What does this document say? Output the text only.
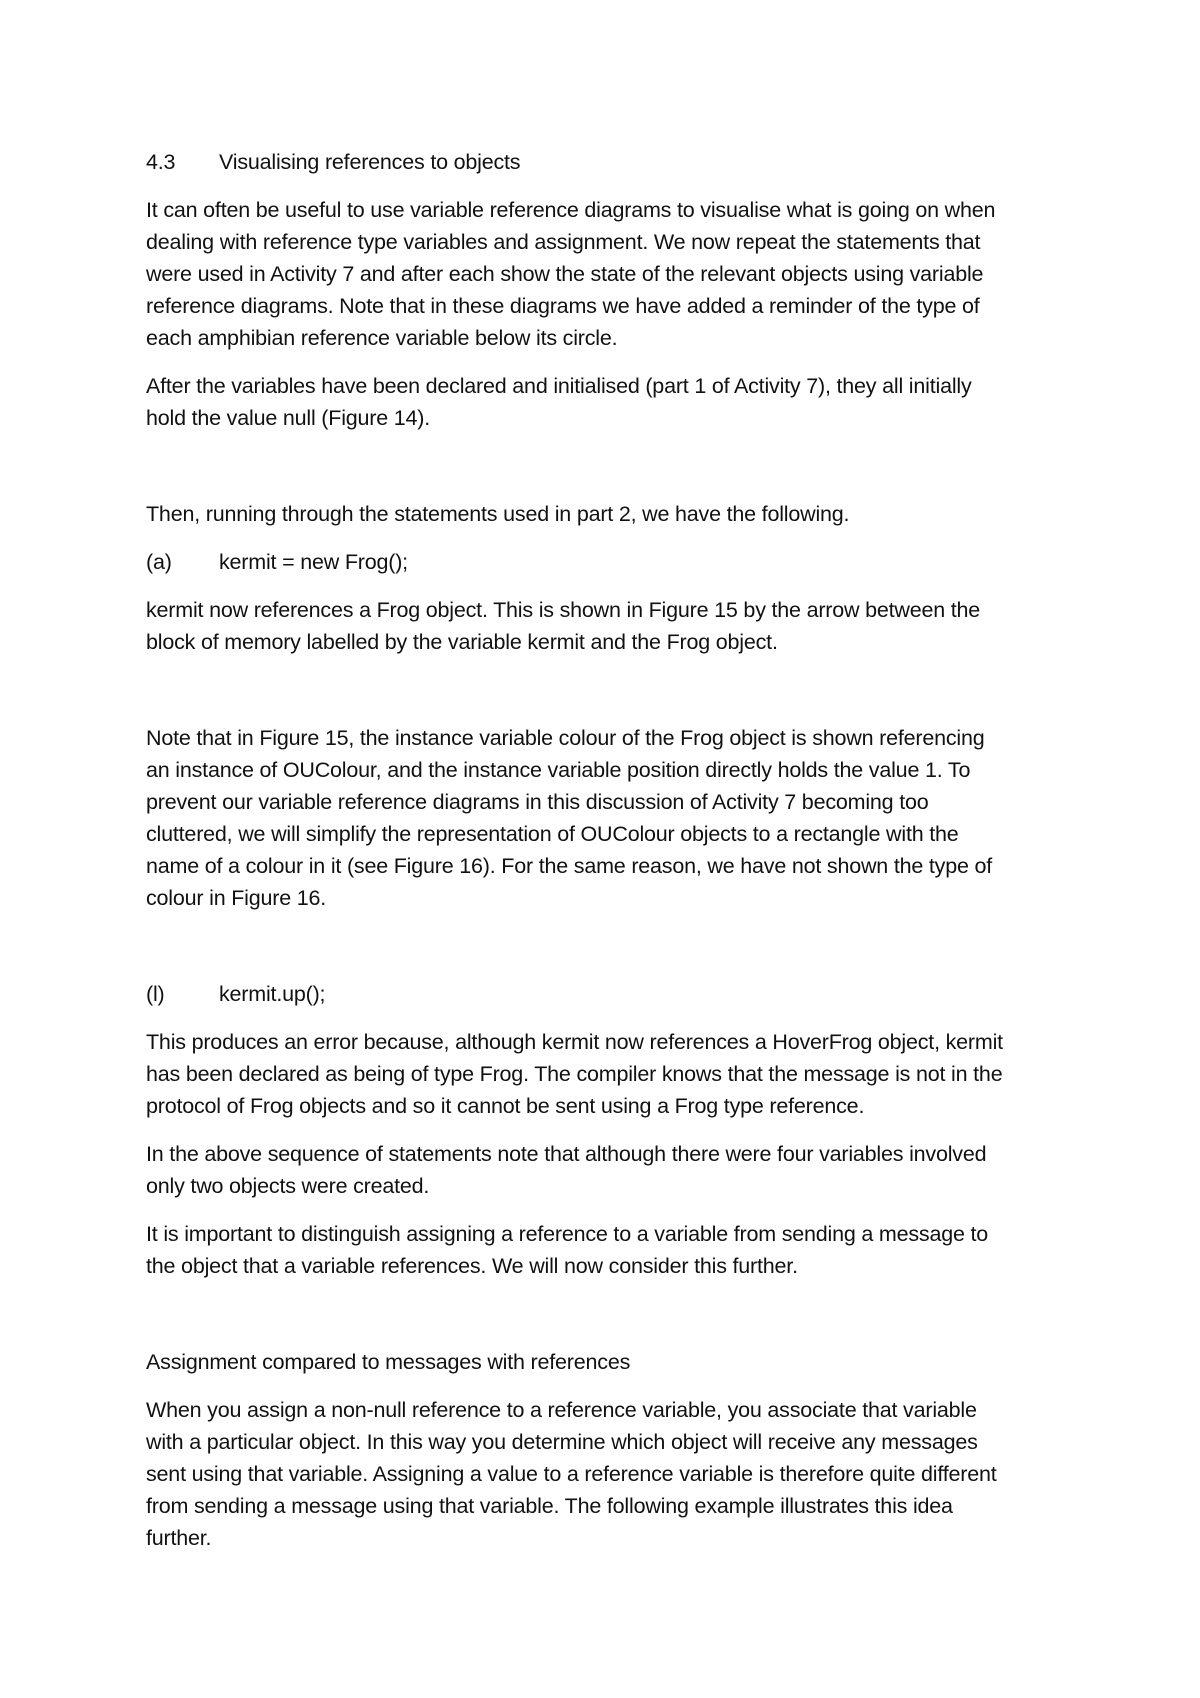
4.3 Visualising references to objects
It can often be useful to use variable reference diagrams to visualise what is going on when
dealing with reference type variables and assignment. We now repeat the statements that
were used in Activity 7 and after each show the state of the relevant objects using variable
reference diagrams. Note that in these diagrams we have added a reminder of the type of
each amphibian reference variable below its circle.
After the variables have been declared and initialised (part 1 of Activity 7), they all initially
hold the value null (Figure 14).
Then, running through the statements used in part 2, we have the following.
(a) kermit = new Frog();
kermit now references a Frog object. This is shown in Figure 15 by the arrow between the
block of memory labelled by the variable kermit and the Frog object.
Note that in Figure 15, the instance variable colour of the Frog object is shown referencing
an instance of OUColour, and the instance variable position directly holds the value 1. To
prevent our variable reference diagrams in this discussion of Activity 7 becoming too
cluttered, we will simplify the representation of OUColour objects to a rectangle with the
name of a colour in it (see Figure 16). For the same reason, we have not shown the type of
colour in Figure 16.
(l)	kermit.up();
This produces an error because, although kermit now references a HoverFrog object, kermit
has been declared as being of type Frog. The compiler knows that the message is not in the
protocol of Frog objects and so it cannot be sent using a Frog type reference.
In the above sequence of statements note that although there were four variables involved
only two objects were created.
It is important to distinguish assigning a reference to a variable from sending a message to
the object that a variable references. We will now consider this further.
Assignment compared to messages with references
When you assign a non-null reference to a reference variable, you associate that variable
with a particular object. In this way you determine which object will receive any messages
sent using that variable. Assigning a value to a reference variable is therefore quite different
from sending a message using that variable. The following example illustrates this idea
further.
